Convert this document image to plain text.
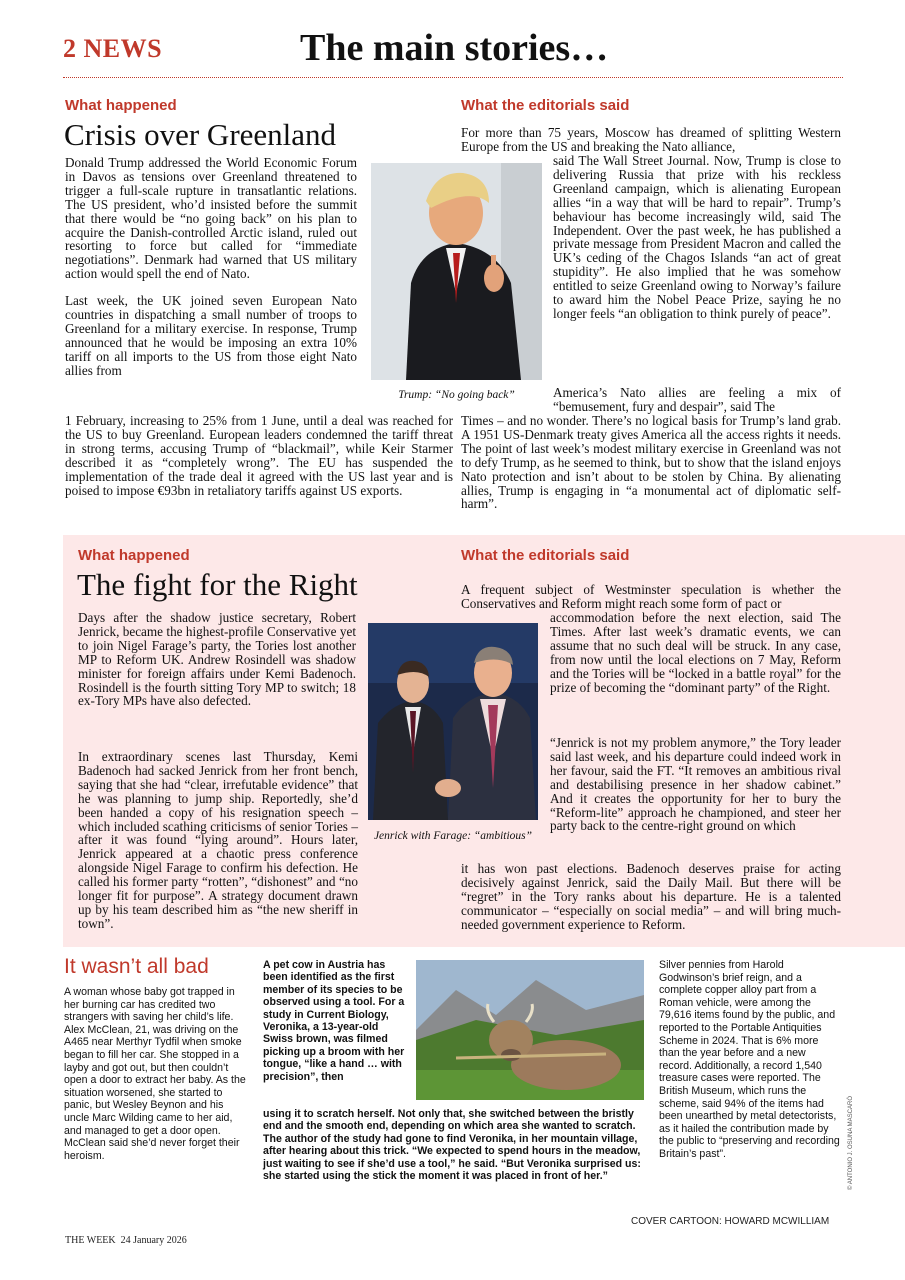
2 NEWS	The main stories…
What happened
Crisis over Greenland

Donald Trump addressed the World Economic Forum in Davos as tensions over Greenland threatened to trigger a full-scale rupture in transatlantic relations. The US president, who’d insisted before the summit that there would be “no going back” on his plan to acquire the Danish-controlled Arctic island, ruled out resorting to force but called for “immediate negotiations”. Denmark had warned that US military action would spell the end of Nato.

Last week, the UK joined seven European Nato countries in dispatching a small number of troops to Greenland for a military exercise. In response, Trump announced that he would be imposing an extra 10% tariff on all imports to the US from those eight Nato allies from

1 February, increasing to 25% from 1 June, until a deal was reached for the US to buy Greenland. European leaders condemned the tariff threat in strong terms, accusing Trump of “blackmail”, while Keir Starmer described it as “completely wrong”. The EU has suspended the implementation of the trade deal it agreed with the US last year and is poised to impose €93bn in retaliatory tariffs against US exports.
Trump: “No going back”
What the editorials said
For more than 75 years, Moscow has dreamed of splitting Western Europe from the US and breaking the Nato alliance,
said The Wall Street Journal. Now, Trump is close to delivering Russia that prize with his reckless Greenland campaign, which is alienating European allies “in a way that will be hard to repair”. Trump’s behaviour has become increasingly wild, said The Independent. Over the past week, he has published a private message from President Macron and called the UK’s ceding of the Chagos Islands “an act of great stupidity”. He also implied that he was somehow entitled to seize Greenland owing to Norway’s failure to award him the Nobel Peace Prize, saying he no longer feels “an obligation to think purely of peace”.
America’s Nato allies are feeling a mix of “bemusement, fury and despair”, said The
Times – and no wonder. There’s no logical basis for Trump’s land grab. A 1951 US-Denmark treaty gives America all the access rights it needs. The point of last week’s modest military exercise in Greenland was not to defy Trump, as he seemed to think, but to show that the island enjoys Nato protection and isn’t about to be stolen by China. By alienating allies, Trump is engaging in “a monumental act of diplomatic self-harm”.
What happened
The fight for the Right

Days after the shadow justice secretary, Robert Jenrick, became the highest-profile Conservative yet to join Nigel Farage’s party, the Tories lost another MP to Reform UK. Andrew Rosindell was shadow minister for foreign affairs under Kemi Badenoch. Rosindell is the fourth sitting Tory MP to switch; 18 ex-Tory MPs have also defected.

In extraordinary scenes last Thursday, Kemi Badenoch had sacked Jenrick from her front bench, saying that she had “clear, irrefutable evidence” that he was planning to jump ship. Reportedly, she’d been handed a copy of his resignation speech – which included scathing criticisms of senior Tories – after it was found “lying around”. Hours later, Jenrick appeared at a chaotic press conference alongside Nigel Farage to confirm his defection. He called his former party “rotten”, “dishonest” and “no longer fit for purpose”. A strategy document drawn up by his team described him as “the new sheriff in town”.
Jenrick with Farage: “ambitious”
What the editorials said
A frequent subject of Westminster speculation is whether the Conservatives and Reform might reach some form of pact or
accommodation before the next election, said The Times. After last week’s dramatic events, we can assume that no such deal will be struck. In any case, from now until the local elections on 7 May, Reform and the Tories will be “locked in a battle royal” for the prize of becoming the “dominant party” of the Right.
“Jenrick is not my problem anymore,” the Tory leader said last week, and his departure could indeed work in her favour, said the FT. “It removes an ambitious rival and destabilising presence in her shadow cabinet.” And it creates the opportunity for her to bury the “Reform-lite” approach he championed, and steer her party back to the centre-right ground on which
it has won past elections. Badenoch deserves praise for acting decisively against Jenrick, said the Daily Mail. But there will be “regret” in the Tory ranks about his departure. He is a talented communicator – “especially on social media” – and will bring much-needed government experience to Reform.
It wasn’t all bad
A woman whose baby got trapped in her burning car has credited two strangers with saving her child’s life. Alex McClean, 21, was driving on the A465 near Merthyr Tydfil when smoke began to fill her car. She stopped in a layby and got out, but then couldn’t open a door to extract her baby. As the situation worsened, she started to panic, but Wesley Beynon and his uncle Marc Wilding came to her aid, and managed to get a door open. McClean said she’d never forget their heroism.
A pet cow in Austria has been identified as the first member of its species to be observed using a tool. For a study in Current Biology, Veronika, a 13-year-old Swiss brown, was filmed picking up a broom with her tongue, “like a hand … with precision”, then
using it to scratch herself. Not only that, she switched between the bristly end and the smooth end, depending on which area she wanted to scratch. The author of the study had gone to find Veronika, in her mountain village, after hearing about this trick. “We expected to spend hours in the meadow, just waiting to see if she’d use a tool,” he said. “But Veronika surprised us: she started using the stick the moment it was placed in front of her.”
Silver pennies from Harold Godwinson’s brief reign, and a complete copper alloy part from a Roman vehicle, were among the 79,616 items found by the public, and reported to the Portable Antiquities Scheme in 2024. That is 6% more than the year before and a new record. Additionally, a record 1,540 treasure cases were reported. The British Museum, which runs the scheme, said 94% of the items had been unearthed by metal detectorists, as it hailed the contribution made by the public to “preserving and recording Britain’s past”.	© ANTONIO J. OSUNA MASCARÓ
COVER CARTOON: HOWARD MCWILLIAM
THE WEEK  24 January 2026
